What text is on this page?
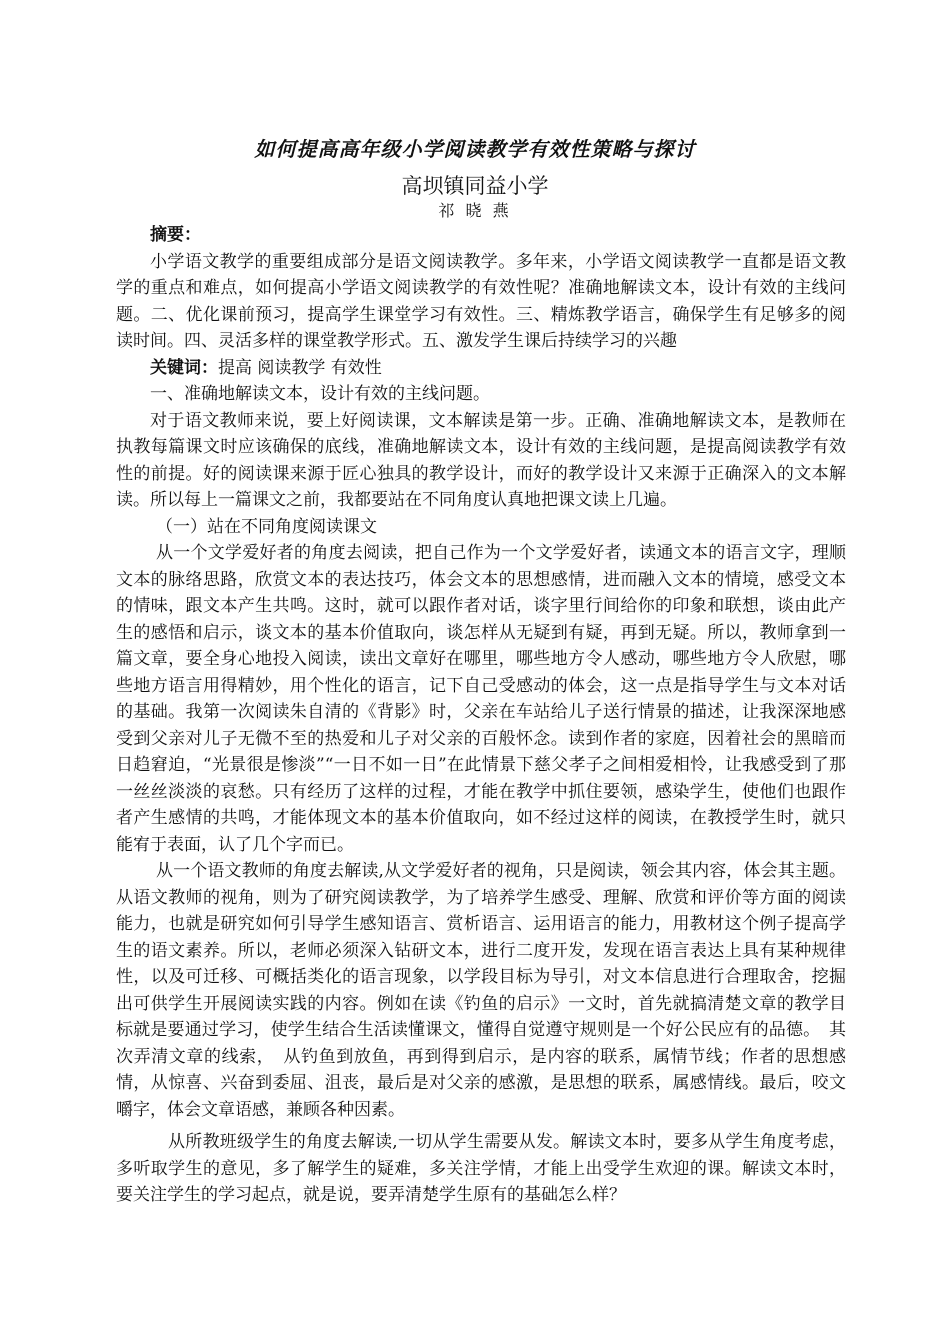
如何提高高年级小学阅读教学有效性策略与探讨
高坝镇同益小学
祁 晓 燕

摘要：

小学语文教学的重要组成部分是语文阅读教学。多年来，小学语文阅读教学一直都是语文教学的重点和难点，如何提高小学语文阅读教学的有效性呢？准确地解读文本，设计有效的主线问题。二、优化课前预习，提高学生课堂学习有效性。三、精炼教学语言，确保学生有足够多的阅读时间。四、灵活多样的课堂教学形式。五、激发学生课后持续学习的兴趣

关键词：提高 阅读教学 有效性

一、准确地解读文本，设计有效的主线问题。

对于语文教师来说，要上好阅读课，文本解读是第一步。正确、准确地解读文本，是教师在执教每篇课文时应该确保的底线，准确地解读文本，设计有效的主线问题，是提高阅读教学有效性的前提。好的阅读课来源于匠心独具的教学设计，而好的教学设计又来源于正确深入的文本解读。所以每上一篇课文之前，我都要站在不同角度认真地把课文读上几遍。

（一）站在不同角度阅读课文

从一个文学爱好者的角度去阅读，把自己作为一个文学爱好者，读通文本的语言文字，理顺文本的脉络思路，欣赏文本的表达技巧，体会文本的思想感情，进而融入文本的情境，感受文本的情味，跟文本产生共鸣。这时，就可以跟作者对话，谈字里行间给你的印象和联想，谈由此产生的感悟和启示，谈文本的基本价值取向，谈怎样从无疑到有疑，再到无疑。所以，教师拿到一篇文章，要全身心地投入阅读，读出文章好在哪里，哪些地方令人感动，哪些地方令人欣慰，哪些地方语言用得精妙，用个性化的语言，记下自己受感动的体会，这一点是指导学生与文本对话的基础。我第一次阅读朱自清的《背影》时，父亲在车站给儿子送行情景的描述，让我深深地感受到父亲对儿子无微不至的热爱和儿子对父亲的百般怀念。读到作者的家庭，因着社会的黑暗而日趋窘迫，“光景很是惨淡”“一日不如一日”在此情景下慈父孝子之间相爱相怜，让我感受到了那一丝丝淡淡的哀愁。只有经历了这样的过程，才能在教学中抓住要领，感染学生，使他们也跟作者产生感情的共鸣，才能体现文本的基本价值取向，如不经过这样的阅读，在教授学生时，就只能宥于表面，认了几个字而已。

从一个语文教师的角度去解读,从文学爱好者的视角，只是阅读，领会其内容，体会其主题。从语文教师的视角，则为了研究阅读教学，为了培养学生感受、理解、欣赏和评价等方面的阅读能力，也就是研究如何引导学生感知语言、赏析语言、运用语言的能力，用教材这个例子提高学生的语文素养。所以，老师必须深入钻研文本，进行二度开发，发现在语言表达上具有某种规律性，以及可迁移、可概括类化的语言现象，以学段目标为导引，对文本信息进行合理取舍，挖掘出可供学生开展阅读实践的内容。例如在读《钓鱼的启示》一文时，首先就搞清楚文章的教学目标就是要通过学习，使学生结合生活读懂课文，懂得自觉遵守规则是一个好公民应有的品德。　其次弄清文章的线索，　从钓鱼到放鱼，再到得到启示，是内容的联系，属情节线；作者的思想感情，从惊喜、兴奋到委屈、沮丧，最后是对父亲的感激，是思想的联系，属感情线。最后，咬文嚼字，体会文章语感，兼顾各种因素。

从所教班级学生的角度去解读,一切从学生需要从发。解读文本时，要多从学生角度考虑，多听取学生的意见，多了解学生的疑难，多关注学情，才能上出受学生欢迎的课。解读文本时，要关注学生的学习起点，就是说，要弄清楚学生原有的基础怎么样？
